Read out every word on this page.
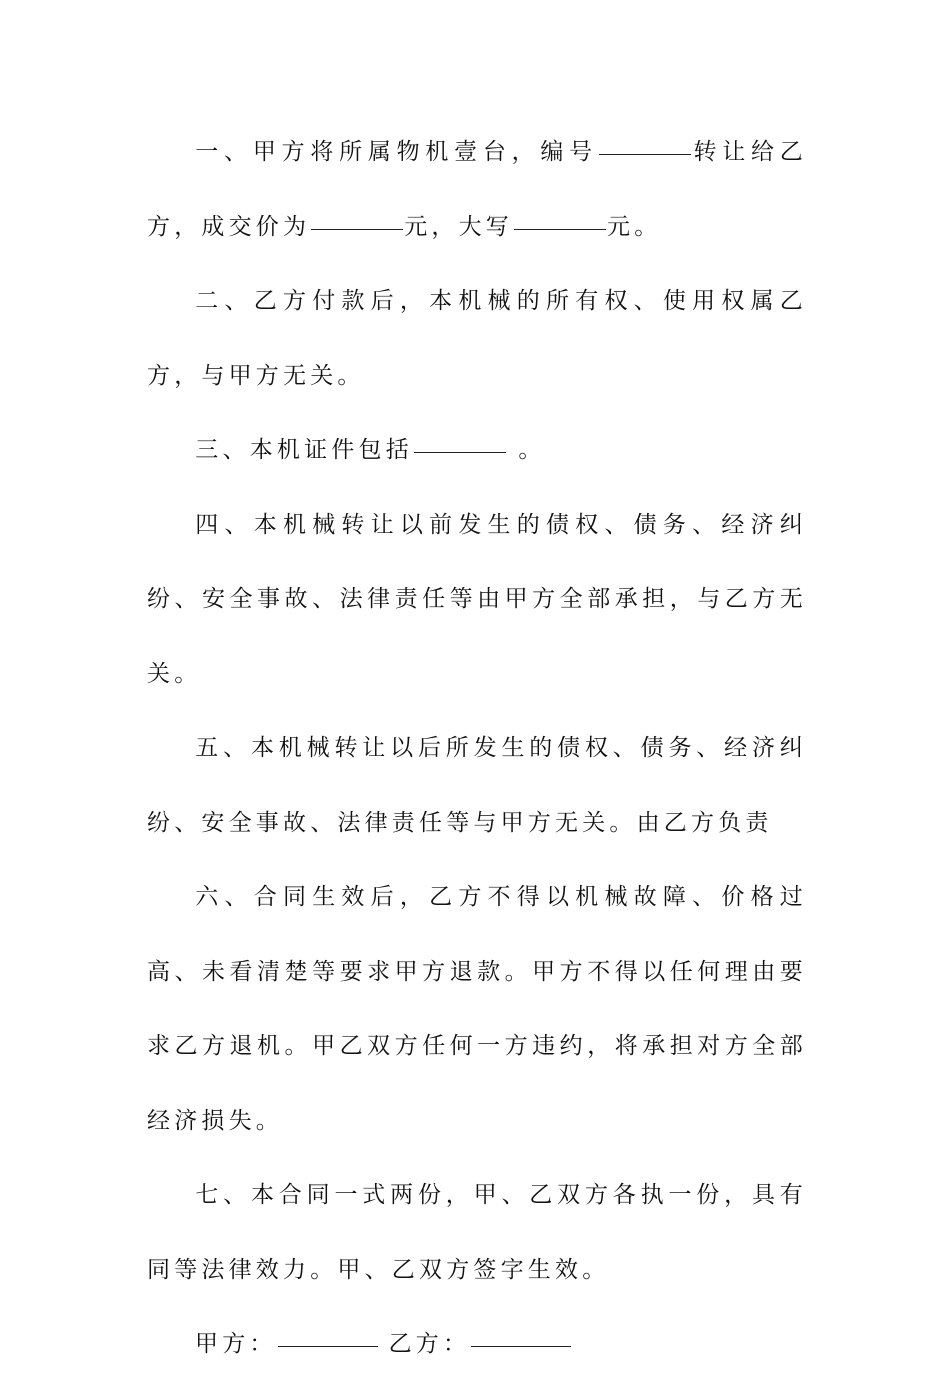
一、甲方将所属物机壹台，编号	转让给乙方，成交价为	元，大写	元。

二、乙方付款后，本机械的所有权、使用权属乙方，与甲方无关。

三、本机证件包括	。

四、本机械转让以前发生的债权、债务、经济纠纷、安全事故、法律责任等由甲方全部承担，与乙方无关。

五、本机械转让以后所发生的债权、债务、经济纠纷、安全事故、法律责任等与甲方无关。由乙方负责

六、合同生效后，乙方不得以机械故障、价格过高、未看清楚等要求甲方退款。甲方不得以任何理由要求乙方退机。甲乙双方任何一方违约，将承担对方全部经济损失。

七、本合同一式两份，甲、乙双方各执一份，具有同等法律效力。甲、乙双方签字生效。

甲方：	乙方：
